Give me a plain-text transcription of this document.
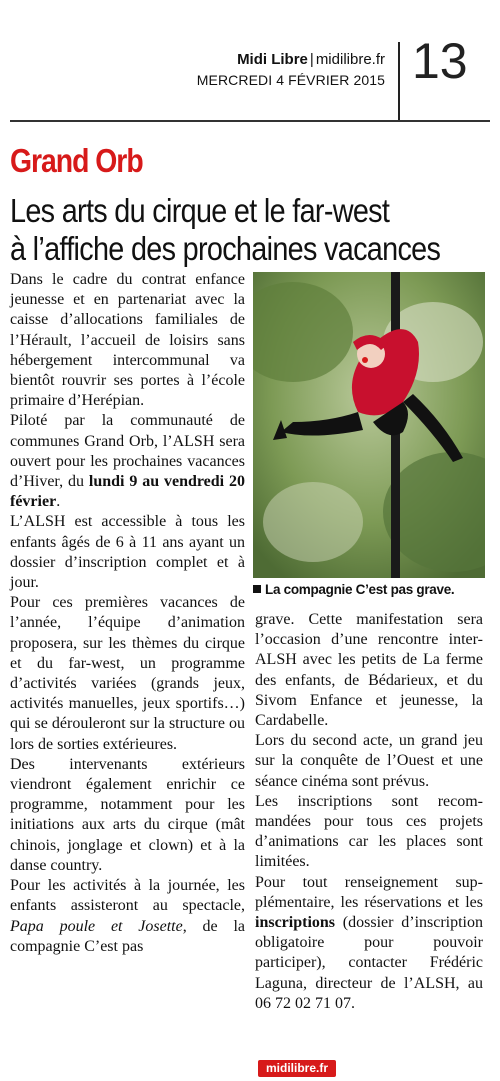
Midi Libre | midilibre.fr
MERCREDI 4 FÉVRIER 2015 13
Grand Orb
Les arts du cirque et le far-west
à l’affiche des prochaines vacances

Dans le cadre du contrat enfance jeunesse et en partenariat avec la caisse d’allocations familiales de l’Hérault, l’accueil de loisirs sans hébergement intercommunal va bientôt rouvrir ses portes à l’école primaire d’Herépian.

Piloté par la communauté de communes Grand Orb, l’ALSH sera ouvert pour les prochaines vacances d’Hiver, du lundi 9 au vendredi 20 février.

L’ALSH est accessible à tous les enfants âgés de 6 à 11 ans ayant un dossier d’inscription complet et à jour.

Pour ces premières vacances de l’année, l’équipe d’animation proposera, sur les thèmes du cirque et du far-west, un programme d’activités variées (grands jeux, activités manuelles, jeux sportifs…) qui se dérouleront sur la structure ou lors de sorties extérieures.

Des intervenants extérieurs viendront également enrichir ce programme, notamment pour les initiations aux arts du cirque (mât chinois, jonglage et clown) et à la danse country.

Pour les activités à la journée, les enfants assisteront au spectacle, Papa poule et Josette, de la compagnie C’est pas

La compagnie C’est pas grave.

grave. Cette manifestation sera l’occasion d’une rencontre inter-ALSH avec les petits de La ferme des enfants, de Bédarieux, et du Sivom Enfance et jeunesse, la Cardabelle.

Lors du second acte, un grand jeu sur la conquête de l’Ouest et une séance cinéma sont prévus.

Les inscriptions sont recommandées pour tous ces projets d’animations car les places sont limitées.

Pour tout renseignement supplémentaire, les réservations et les inscriptions (dossier d’inscription obligatoire pour pouvoir participer), contacter Frédéric Laguna, directeur de l’ALSH, au 06 72 02 71 07.

midilibre.fr
